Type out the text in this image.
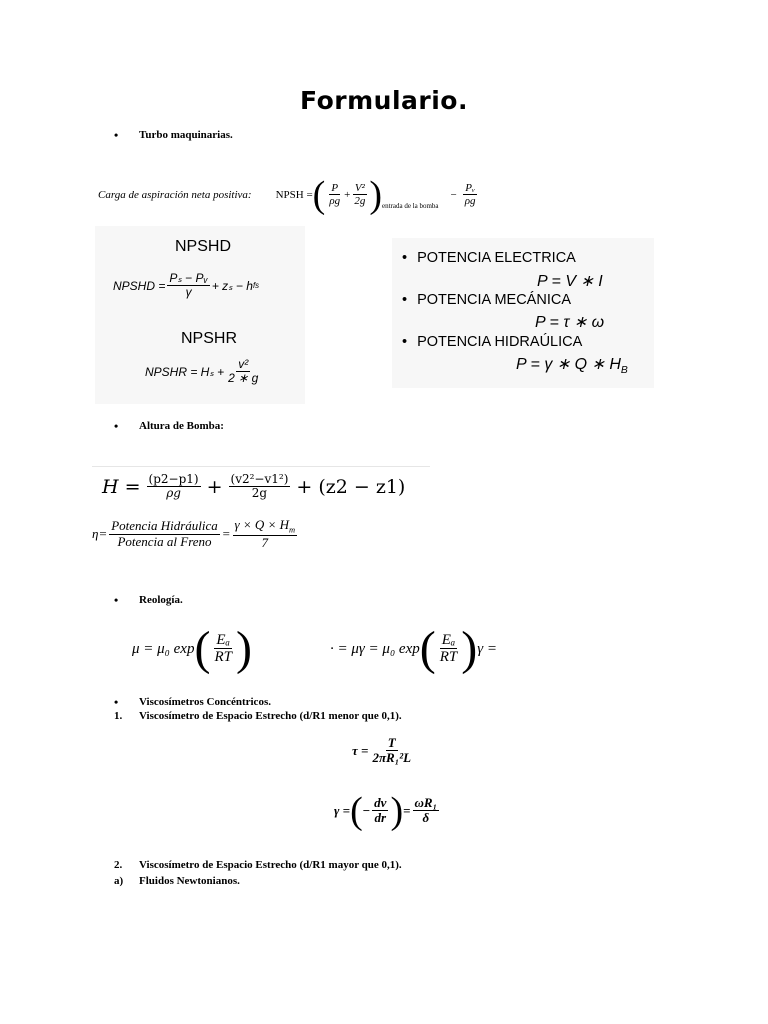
Formulario.
• Turbo maquinarias.
Carga de aspiración neta positiva: NPSH = ( $\frac{P}{\rho g} + \frac{\text{V²}}{2g}$ ) entrada de la bomba
− $\frac{\text{Pᵥ}}{\rho g}$
NPSHD
NPSHD = $\frac{\text{Pₛ − Pᵥ}}{\gamma} + z_s - h$ fs
NPSHR
NPSHR = $H_s + \frac{\text{v²}}{2 ∗ g}$
• POTENCIA ELECTRICA
P = V ∗ I
• POTENCIA MECÁNICA
P = τ ∗ ω
• POTENCIA HIDRAÚLICA
P = γ ∗ Q ∗ $H_B$
• Altura de Bomba:
$H = \frac{(p2-p1)}{\rho g} + \frac{\text{(v2²−v1²)}}{2g} + (z2 - z1)$
$\eta= \frac{\text{Potencia Hidráulica}}{\text{Potencia al Freno}} = \frac{\gamma \times Q \times H_m}{7}$
• Reología.
μ = μ₀ exp ( $\frac{\text{Eₐ}}{RT}$ )	· = μγ = μ₀ exp ( $\frac{\text{Eₐ}}{RT}$ ) γ =
• Viscosímetros Concéntricos.
1. Viscosímetro de Espacio Estrecho (d/R1 menor que 0,1).
$\tau = \frac{T}{\text{2πR₁²L}}$
γ = ( − $\frac{dv}{dr}$ ) = $\frac{\text{ωR₁}}{\delta}$
2. Viscosímetro de Espacio Estrecho (d/R1 mayor que 0,1).
a) Fluidos Newtonianos.
